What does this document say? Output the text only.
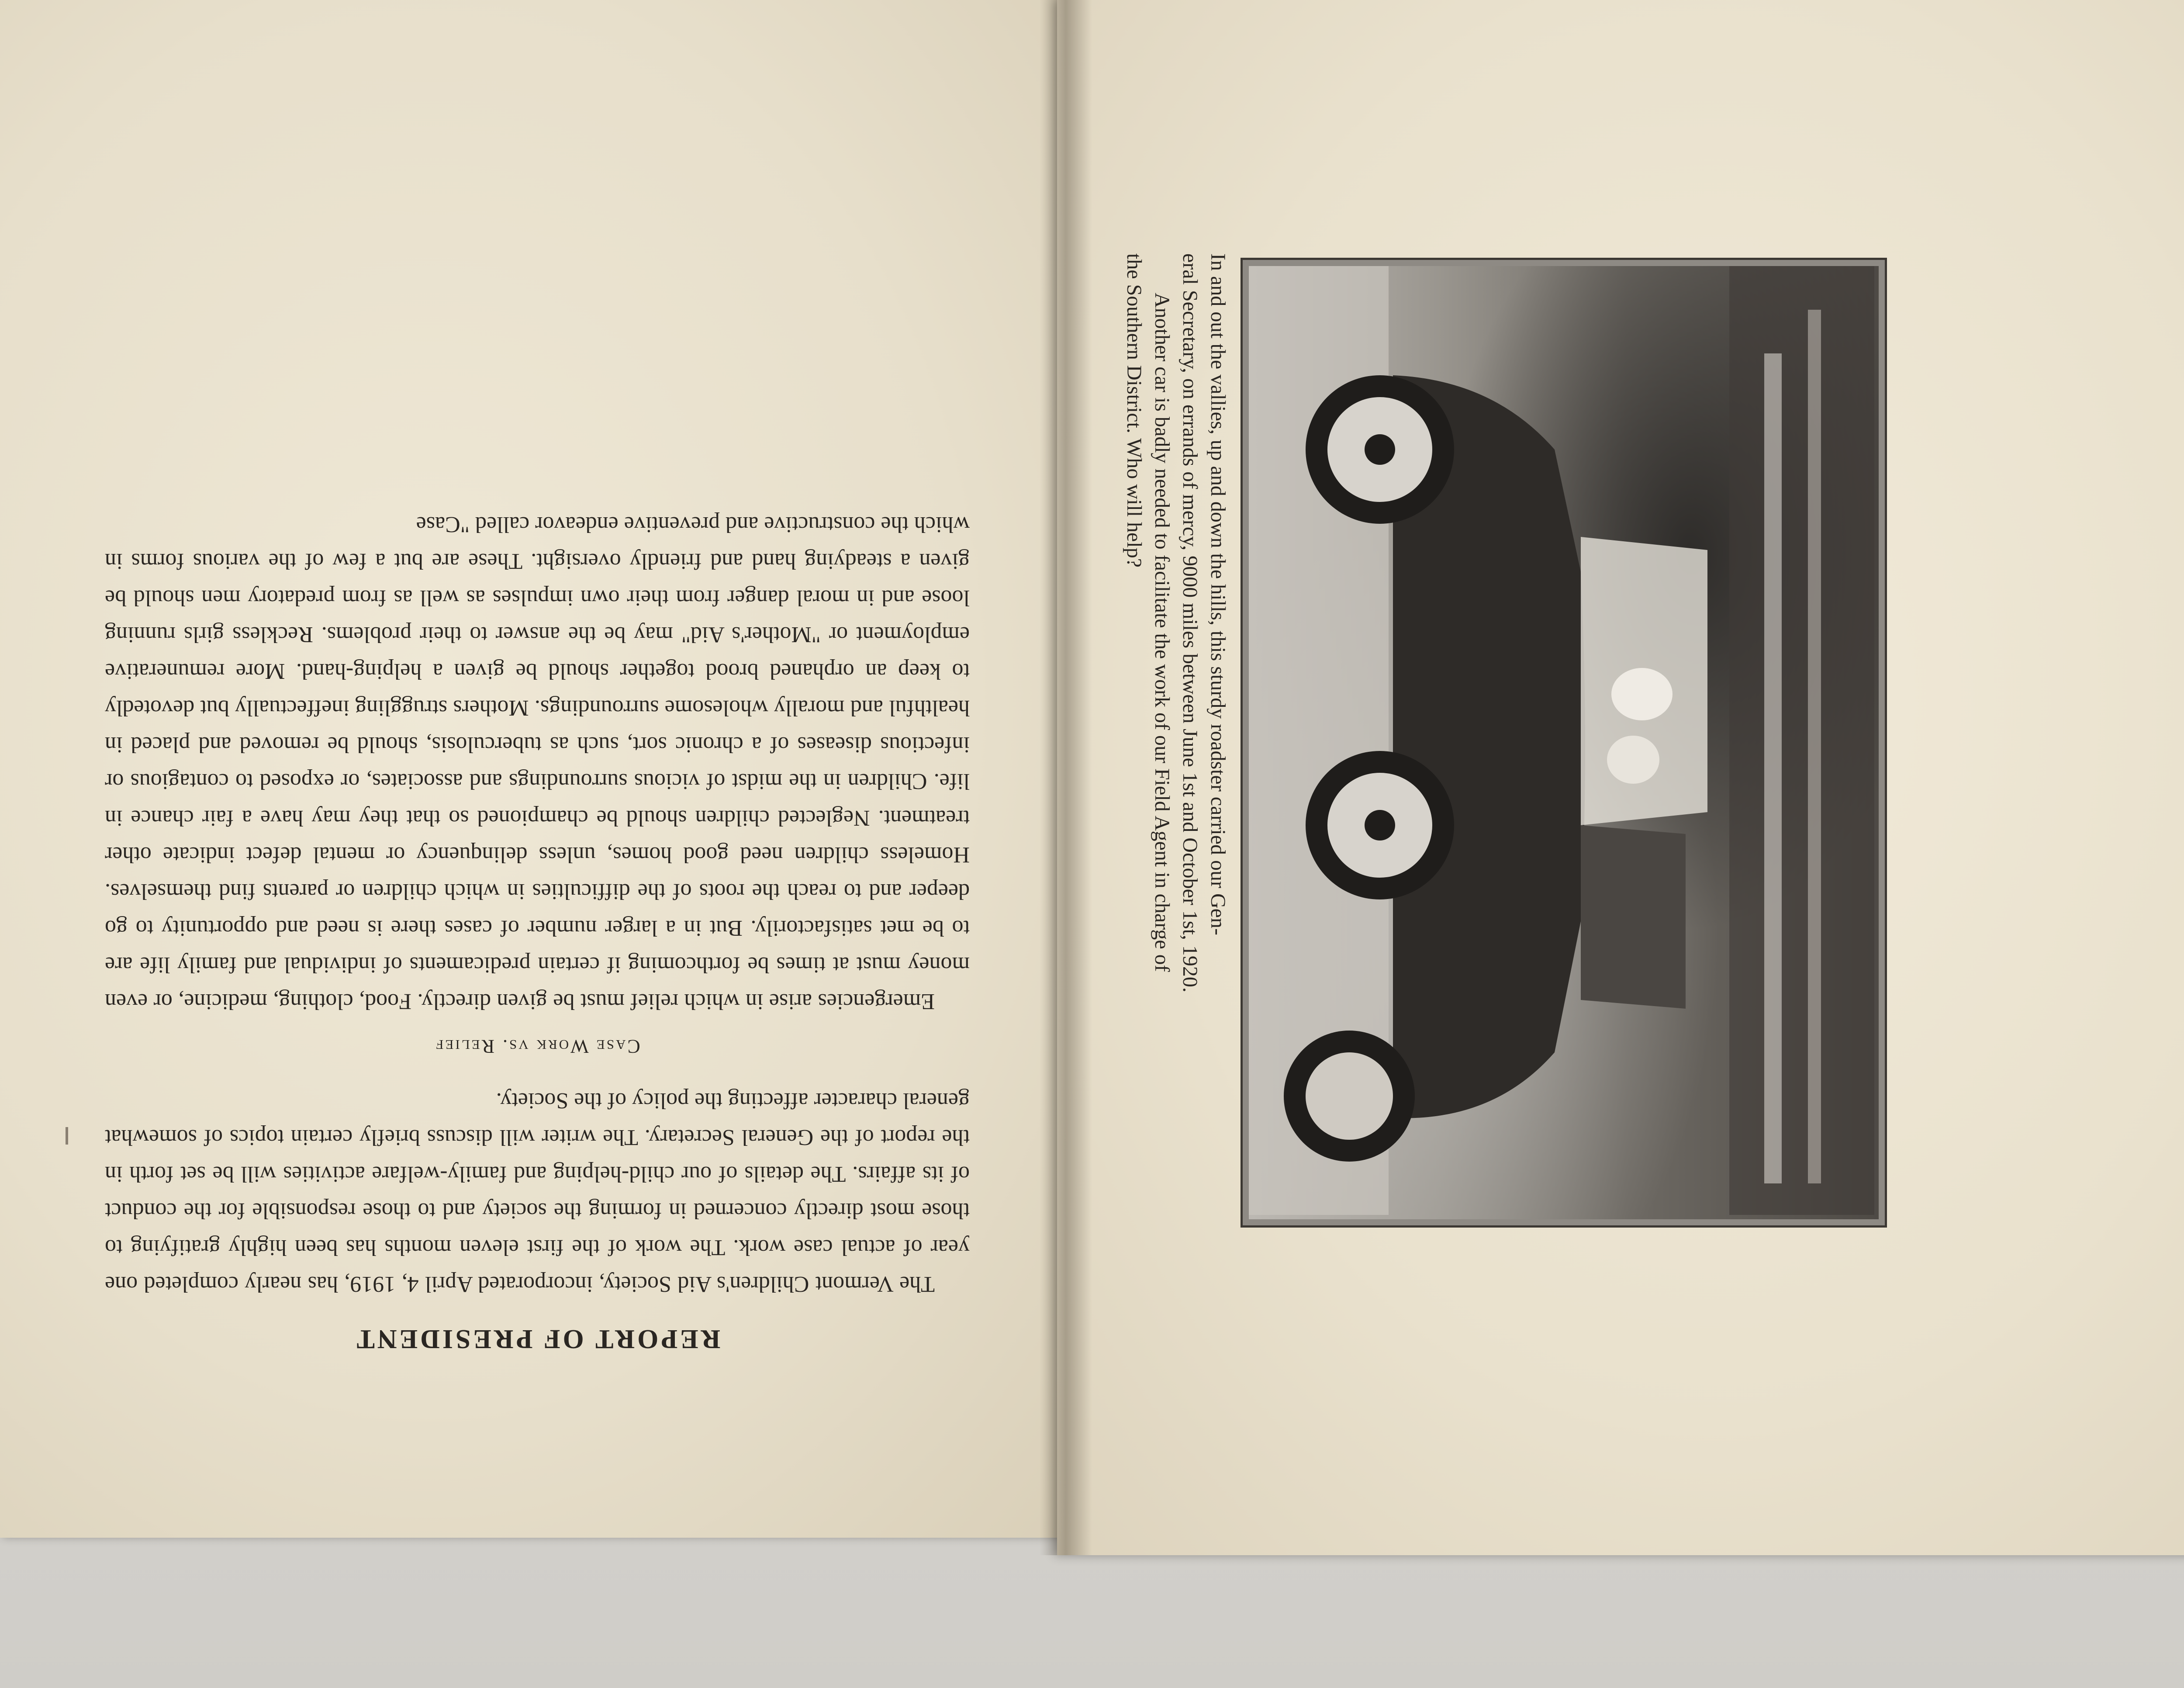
REPORT OF PRESIDENT

The Vermont Children's Aid Society, incorporated April 4, 1919, has nearly completed one year of actual case work. The work of the first eleven months has been highly gratifying to those most directly concerned in forming the society and to those responsible for the conduct of its affairs. The details of our child-helping and family-welfare activities will be set forth in the report of the General Secretary. The writer will discuss briefly certain topics of somewhat general character affecting the policy of the Society.

Case Work vs. Relief

Emergencies arise in which relief must be given directly. Food, clothing, medicine, or even money must at times be forthcoming if certain predicaments of individual and family life are to be met satisfactorily. But in a larger number of cases there is need and opportunity to go deeper and to reach the roots of the difficulties in which children or parents find themselves. Homeless children need good homes, unless delinquency or mental defect indicate other treatment. Neglected children should be championed so that they may have a fair chance in life. Children in the midst of vicious surroundings and associates, or exposed to contagious or infectious diseases of a chronic sort, such as tuberculosis, should be removed and placed in healthful and morally wholesome surroundings. Mothers struggling ineffectually but devotedly to keep an orphaned brood together should be given a helping-hand. More remunerative employment or "Mother's Aid" may be the answer to their problems. Reckless girls running loose and in moral danger from their own impulses as well as from predatory men should be given a steadying hand and friendly oversight. These are but a few of the various forms in which the constructive and preventive endeavor called "Case	In and out the vallies, up and down the hills, this sturdy roadster carried our Gen-

eral Secretary, on errands of mercy, 9000 miles between June 1st and October 1st, 1920.

Another car is badly needed to facilitate the work of our Field Agent in charge of

the Southern District. Who will help?
